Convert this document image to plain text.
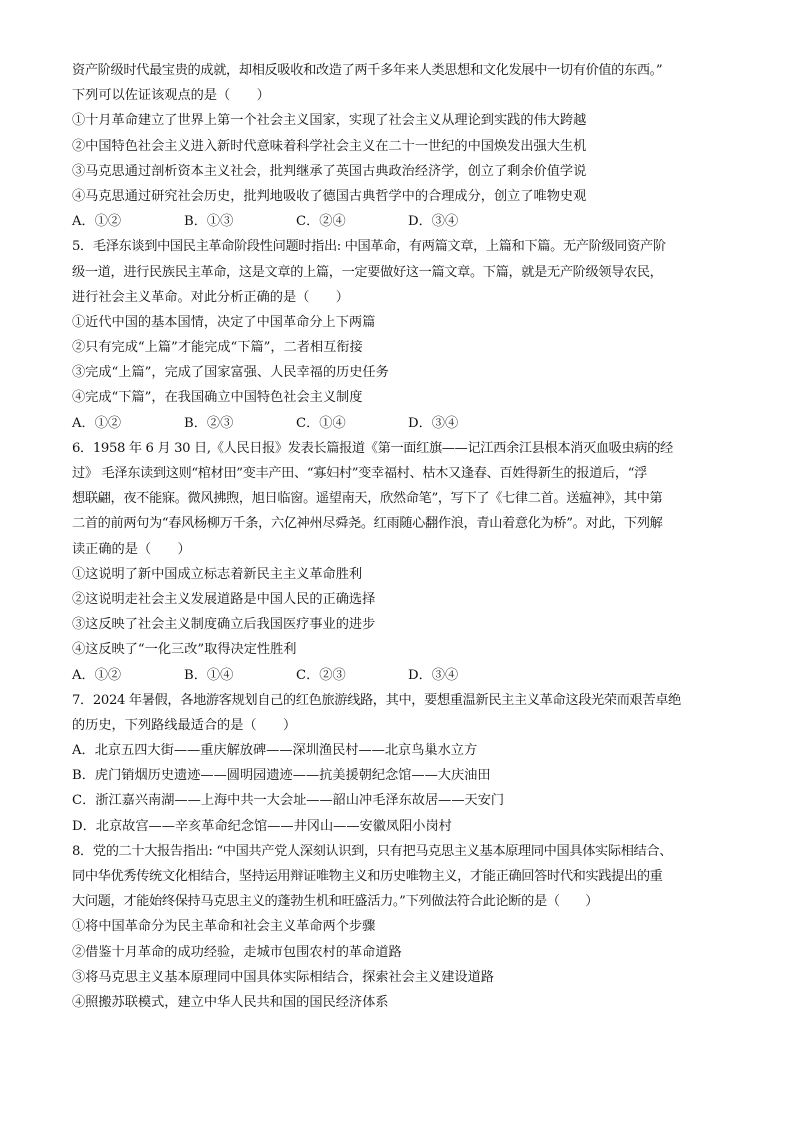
资产阶级时代最宝贵的成就，却相反吸收和改造了两千多年来人类思想和文化发展中一切有价值的东西。”
下列可以佐证该观点的是（　　）
①十月革命建立了世界上第一个社会主义国家，实现了社会主义从理论到实践的伟大跨越
②中国特色社会主义进入新时代意味着科学社会主义在二十一世纪的中国焕发出强大生机
③马克思通过剖析资本主义社会，批判继承了英国古典政治经济学，创立了剩余价值学说
④马克思通过研究社会历史，批判地吸收了德国古典哲学中的合理成分，创立了唯物史观
A．①②	B．①③	C．②④	D．③④
5．毛泽东谈到中国民主革命阶段性问题时指出: 中国革命，有两篇文章，上篇和下篇。无产阶级同资产阶
级一道，进行民族民主革命，这是文章的上篇，一定要做好这一篇文章。下篇，就是无产阶级领导农民，
进行社会主义革命。对此分析正确的是（　　）
①近代中国的基本国情，决定了中国革命分上下两篇
②只有完成“上篇”才能完成“下篇”，二者相互衔接
③完成“上篇”，完成了国家富强、人民幸福的历史任务
④完成“下篇”，在我国确立中国特色社会主义制度
A．①②	B．②③	C．①④	D．③④
6．1958 年 6 月 30 日,《人民日报》发表长篇报道《第一面红旗——记江西余江县根本消灭血吸虫病的经
过》 毛泽东读到这则“棺材田”变丰产田、“寡妇村”变幸福村、枯木又逢春、百姓得新生的报道后，“浮
想联翩，夜不能寐。微风拂煦，旭日临窗。遥望南天，欣然命笔”，写下了《七律二首。送瘟神》，其中第
二首的前两句为“春风杨柳万千条，六亿神州尽舜尧。红雨随心翻作浪，青山着意化为桥”。对此，下列解
读正确的是（　　）
①这说明了新中国成立标志着新民主主义革命胜利
②这说明走社会主义发展道路是中国人民的正确选择
③这反映了社会主义制度确立后我国医疗事业的进步
④这反映了“一化三改”取得决定性胜利
A．①②	B．①④	C．②③	D．③④
7．2024 年暑假，各地游客规划自己的红色旅游线路，其中，要想重温新民主主义革命这段光荣而艰苦卓绝
的历史，下列路线最适合的是（　　）
A．北京五四大街——重庆解放碑——深圳渔民村——北京鸟巢水立方
B．虎门销烟历史遗迹——圆明园遗迹——抗美援朝纪念馆——大庆油田
C．浙江嘉兴南湖——上海中共一大会址——韶山冲毛泽东故居——天安门
D．北京故宫——辛亥革命纪念馆——井冈山——安徽凤阳小岗村
8．党的二十大报告指出: “中国共产党人深刻认识到，只有把马克思主义基本原理同中国具体实际相结合、
同中华优秀传统文化相结合，坚持运用辩证唯物主义和历史唯物主义，才能正确回答时代和实践提出的重
大问题，才能始终保持马克思主义的蓬勃生机和旺盛活力。”下列做法符合此论断的是（　　）
①将中国革命分为民主革命和社会主义革命两个步骤
②借鉴十月革命的成功经验，走城市包围农村的革命道路
③将马克思主义基本原理同中国具体实际相结合，探索社会主义建设道路
④照搬苏联模式，建立中华人民共和国的国民经济体系
